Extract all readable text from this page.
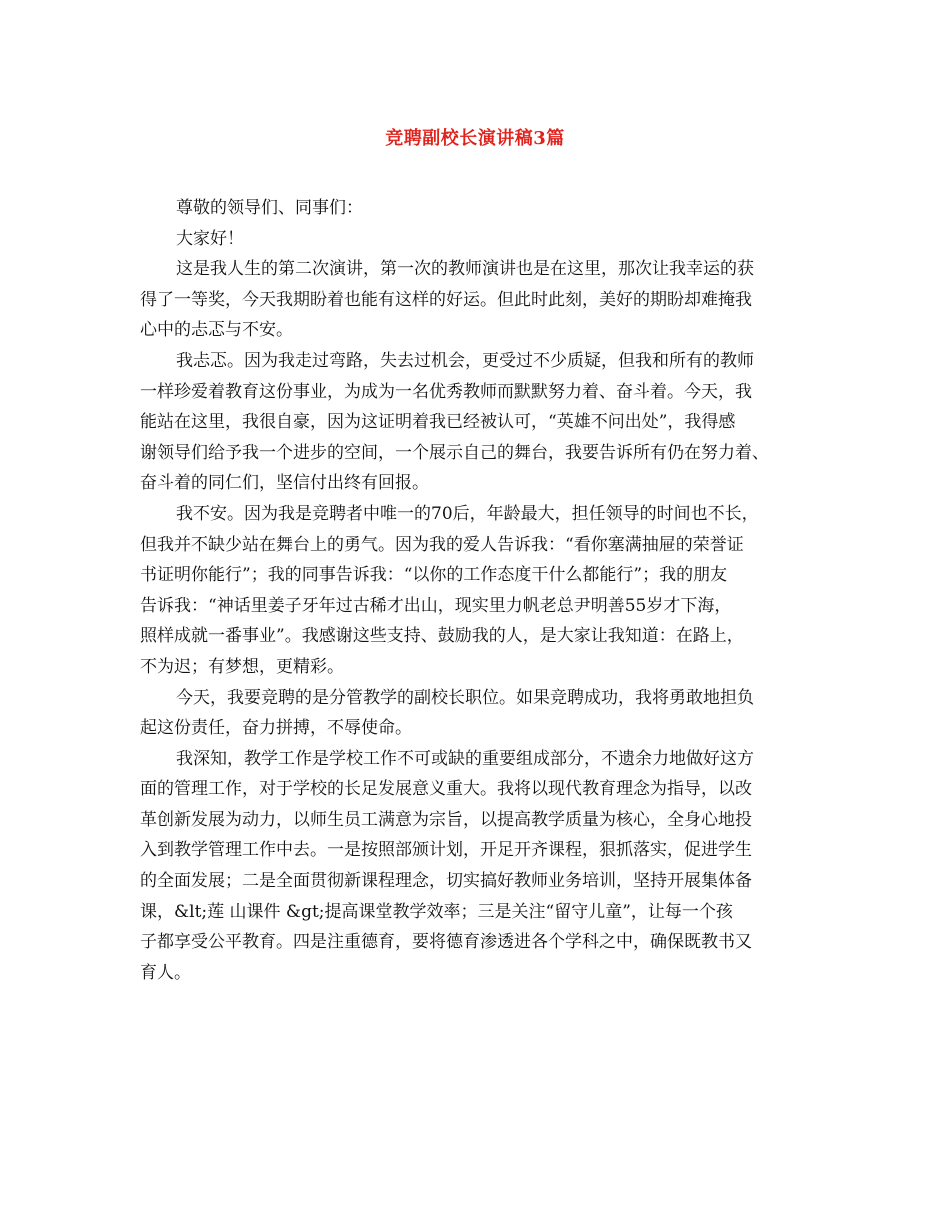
竞聘副校长演讲稿3篇
尊敬的领导们、同事们：
大家好！
这是我人生的第二次演讲，第一次的教师演讲也是在这里，那次让我幸运的获
得了一等奖，今天我期盼着也能有这样的好运。但此时此刻，美好的期盼却难掩我
心中的忐忑与不安。
我忐忑。因为我走过弯路，失去过机会，更受过不少质疑，但我和所有的教师
一样珍爱着教育这份事业，为成为一名优秀教师而默默努力着、奋斗着。今天，我
能站在这里，我很自豪，因为这证明着我已经被认可，“英雄不问出处”，我得感
谢领导们给予我一个进步的空间，一个展示自己的舞台，我要告诉所有仍在努力着、
奋斗着的同仁们，坚信付出终有回报。
我不安。因为我是竞聘者中唯一的70后，年龄最大，担任领导的时间也不长，
但我并不缺少站在舞台上的勇气。因为我的爱人告诉我：“看你塞满抽屉的荣誉证
书证明你能行”；我的同事告诉我：“以你的工作态度干什么都能行”；我的朋友
告诉我：“神话里姜子牙年过古稀才出山，现实里力帆老总尹明善55岁才下海，
照样成就一番事业”。我感谢这些支持、鼓励我的人，是大家让我知道：在路上，
不为迟；有梦想，更精彩。
今天，我要竞聘的是分管教学的副校长职位。如果竞聘成功，我将勇敢地担负
起这份责任，奋力拼搏，不辱使命。
我深知，教学工作是学校工作不可或缺的重要组成部分，不遗余力地做好这方
面的管理工作，对于学校的长足发展意义重大。我将以现代教育理念为指导，以改
革创新发展为动力，以师生员工满意为宗旨，以提高教学质量为核心，全身心地投
入到教学管理工作中去。一是按照部颁计划，开足开齐课程，狠抓落实，促进学生
的全面发展；二是全面贯彻新课程理念，切实搞好教师业务培训，坚持开展集体备
课，&lt;莲 山课件 &gt;提高课堂教学效率；三是关注“留守儿童”，让每一个孩
子都享受公平教育。四是注重德育，要将德育渗透进各个学科之中，确保既教书又
育人。
